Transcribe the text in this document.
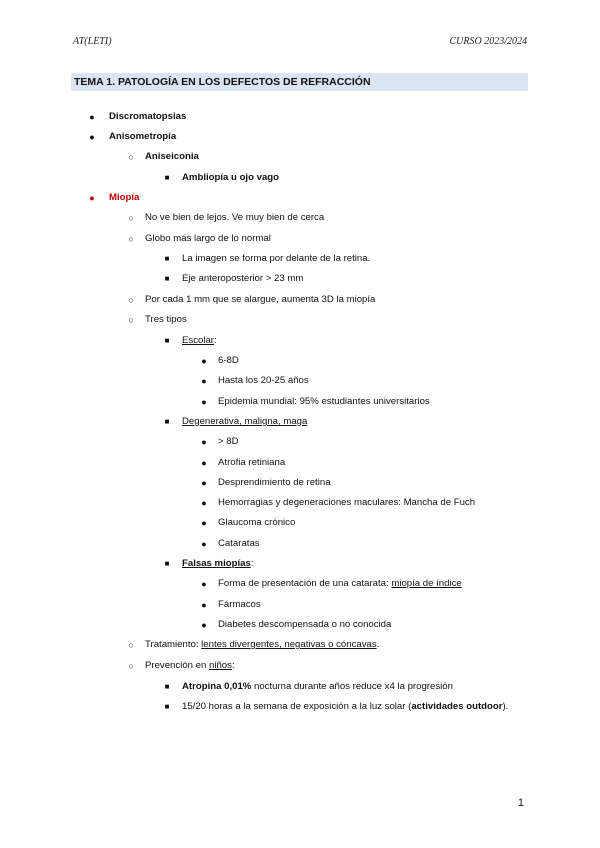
AT(LETI)	CURSO 2023/2024
TEMA 1. PATOLOGÍA EN LOS DEFECTOS DE REFRACCIÓN
● Discromatopsias
● Anisometropía
○ Aniseiconia
■ Ambliopía u ojo vago
● Miopía
○ No ve bien de lejos. Ve muy bien de cerca
○ Globo más largo de lo normal
■ La imagen se forma por delante de la retina.
■ Eje anteroposterior > 23 mm
○ Por cada 1 mm que se alargue, aumenta 3D la miopía
○ Tres tipos
■ Escolar:
● 6-8D
● Hasta los 20-25 años
● Epidemia mundial: 95% estudiantes universitarios
■ Degenerativa, maligna, maga
● > 8D
● Atrofia retiniana
● Desprendimiento de retina
● Hemorragias y degeneraciones maculares: Mancha de Fuch
● Glaucoma crónico
● Cataratas
■ Falsas miopías:
● Forma de presentación de una catarata: miopía de índice
● Fármacos
● Diabetes descompensada o no conocida
○ Tratamiento: lentes divergentes, negativas o cóncavas.
○ Prevención en niños:
■ Atropina 0,01% nocturna durante años reduce x4 la progresión
■ 15/20 horas a la semana de exposición a la luz solar (actividades outdoor).
1
